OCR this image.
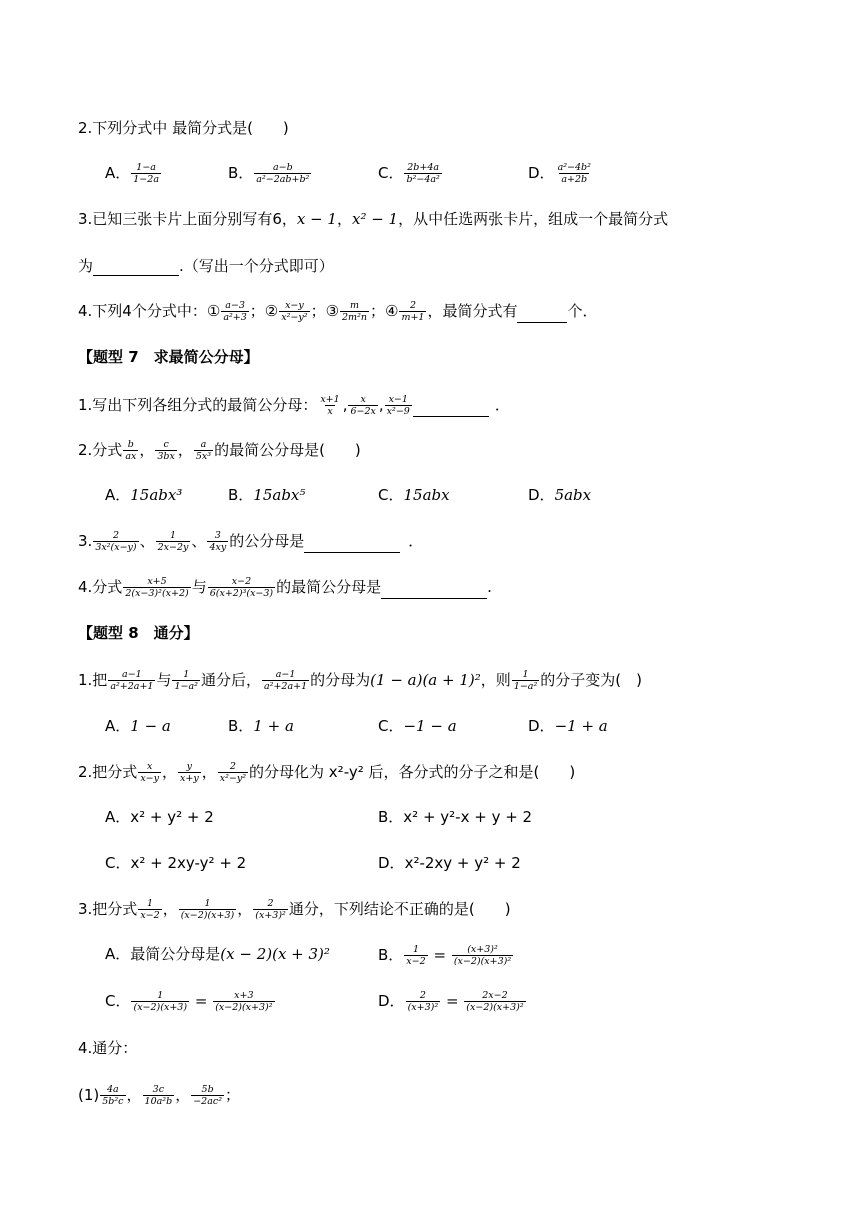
2.下列分式中 最简分式是(　　)
A． $\frac{1-a}{1-2a}$	B． $\frac{a-b}{\text{a²−2ab+b²}}$	C． $\frac{2b+4a}{\text{b²−4a²}}$	D． $\frac{\text{a²−4b²}}{a+2b}$
3.已知三张卡片上面分别写有6，x − 1，x² − 1，从中任选两张卡片，组成一个最简分式
为	.（写出一个分式即可）
4.下列4个分式中：① $\frac{a-3}{\text{a²+3}}$ ；② $\frac{x-y}{\text{x²−y²}}$ ；③ $\frac{m}{\text{2m²n}}$ ；④ $\frac{2}{m+1}$ ，最简分式有	个．
【题型 7　求最简公分母】
1.写出下列各组分式的最简公分母： $\frac{x+1}{x}$ , $\frac{x}{6-2x}$ , $\frac{x-1}{\text{x²−9}}$	．
2.分式 $\frac{b}{ax}$ ， $\frac{c}{3bx}$ ， $\frac{a}{\text{5x³}}$ 的最简公分母是(　　)
A．15abx³	B．15abx⁵	C．15abx	D．5abx
3. $\frac{2}{\text{3x²(x−y)}}$ 、 $\frac{1}{2x-2y}$ 、 $\frac{3}{4xy}$ 的公分母是	．
4.分式 $\frac{x+5}{\text{2(x−3)²(x+2)}}$ 与 $\frac{x-2}{\text{6(x+2)³(x−3)}}$ 的最简公分母是	.
【题型 8　通分】
1.把 $\frac{a-1}{\text{a²+2a+1}}$ 与 $\frac{1}{\text{1−a²}}$ 通分后， $\frac{a-1}{\text{a²+2a+1}}$ 的分母为(1 − a)(a + 1)²，则 $\frac{1}{\text{1−a²}}$ 的分子变为(　)
A．1 − a	B．1 + a	C．−1 − a	D．−1 + a
2.把分式 $\frac{x}{x-y}$ ， $\frac{y}{x+y}$ ， $\frac{2}{\text{x²−y²}}$ 的分母化为 x²-y² 后，各分式的分子之和是(　　)
A．x² + y² + 2	B．x² + y²-x + y + 2
C．x² + 2xy-y² + 2	D．x²-2xy + y² + 2
3.把分式 $\frac{1}{x-2}$ ， $\frac{1}{(x-2)(x+3)}$ ， $\frac{2}{\text{(x+3)²}}$ 通分，下列结论不正确的是(　　)
A．最简公分母是(x − 2)(x + 3)²	B． $\frac{1}{x-2} = \frac{\text{(x+3)²}}{\text{(x−2)(x+3)²}}$
C． $\frac{1}{(x-2)(x+3)} = \frac{x+3}{\text{(x−2)(x+3)²}}$	D． $\frac{2}{\text{(x+3)²}} = \frac{2x-2}{\text{(x−2)(x+3)²}}$
4.通分：
$(1) \frac{4a}{\text{5b²c}}$ ， $\frac{3c}{\text{10a²b}}$ ， $\frac{5b}{\text{−2ac²}}$ ；
